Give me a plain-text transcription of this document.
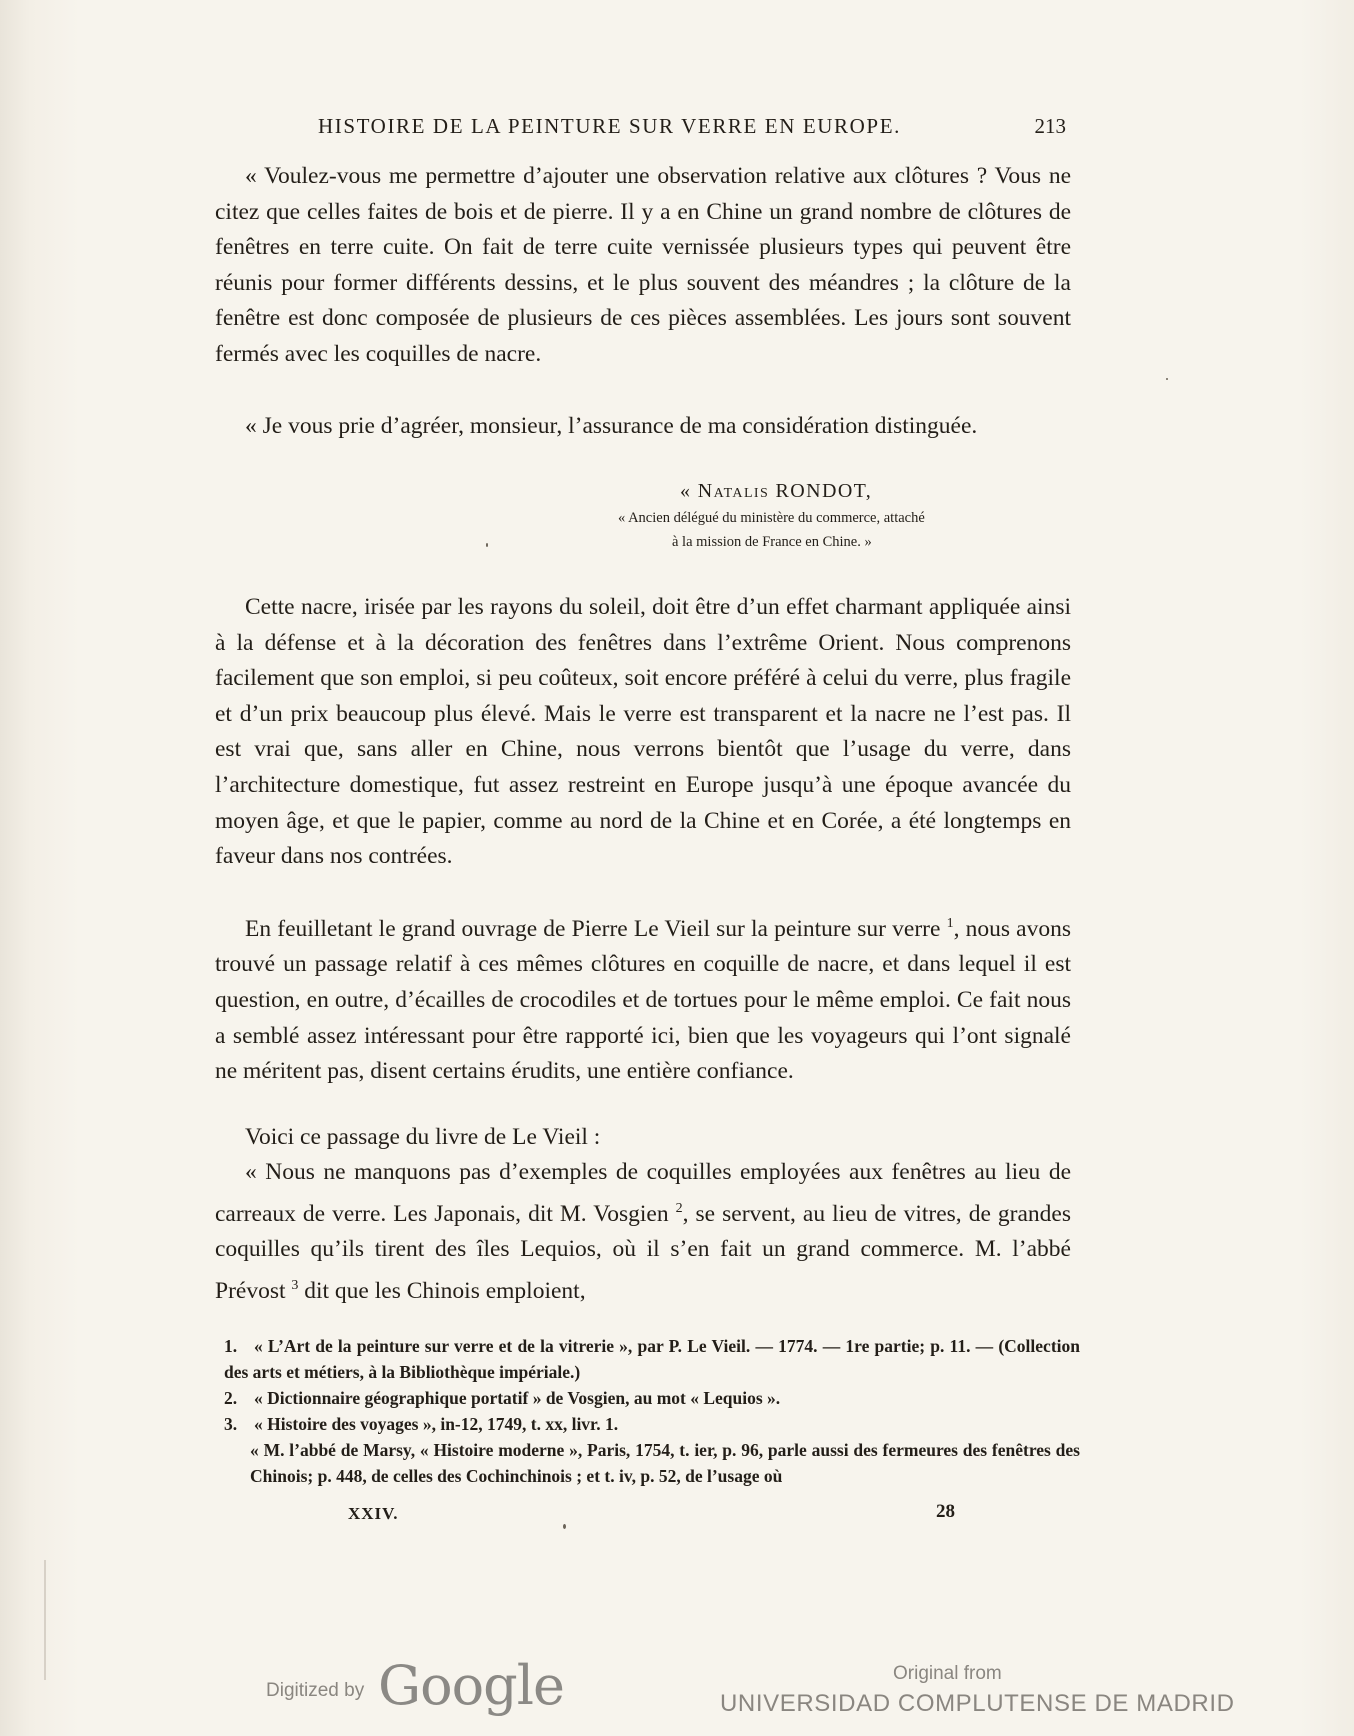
HISTOIRE DE LA PEINTURE SUR VERRE EN EUROPE.	213

« Voulez-vous me permettre d’ajouter une observation relative aux clôtures ? Vous ne citez que celles faites de bois et de pierre. Il y a en Chine un grand nombre de clôtures de fenêtres en terre cuite. On fait de terre cuite vernissée plusieurs types qui peuvent être réunis pour former différents dessins, et le plus souvent des méandres ; la clôture de la fenêtre est donc composée de plusieurs de ces pièces assemblées. Les jours sont souvent fermés avec les coquilles de nacre.

« Je vous prie d’agréer, monsieur, l’assurance de ma considération distinguée.

« Natalis RONDOT,
« Ancien délégué du ministère du commerce, attaché
à la mission de France en Chine. »

Cette nacre, irisée par les rayons du soleil, doit être d’un effet charmant appliquée ainsi à la défense et à la décoration des fenêtres dans l’extrême Orient. Nous comprenons facilement que son emploi, si peu coûteux, soit encore préféré à celui du verre, plus fragile et d’un prix beaucoup plus élevé. Mais le verre est transparent et la nacre ne l’est pas. Il est vrai que, sans aller en Chine, nous verrons bientôt que l’usage du verre, dans l’architecture domestique, fut assez restreint en Europe jusqu’à une époque avancée du moyen âge, et que le papier, comme au nord de la Chine et en Corée, a été longtemps en faveur dans nos contrées.

En feuilletant le grand ouvrage de Pierre Le Vieil sur la peinture sur verre $^1$, nous avons trouvé un passage relatif à ces mêmes clôtures en coquille de nacre, et dans lequel il est question, en outre, d’écailles de crocodiles et de tortues pour le même emploi. Ce fait nous a semblé assez intéressant pour être rapporté ici, bien que les voyageurs qui l’ont signalé ne méritent pas, disent certains érudits, une entière confiance.

Voici ce passage du livre de Le Vieil :

« Nous ne manquons pas d’exemples de coquilles employées aux fenêtres au lieu de carreaux de verre. Les Japonais, dit M. Vosgien $^2$, se servent, au lieu de vitres, de grandes coquilles qu’ils tirent des îles Lequios, où il s’en fait un grand commerce. M. l’abbé Prévost $^3$ dit que les Chinois emploient,

1. « L’Art de la peinture sur verre et de la vitrerie », par P. Le Vieil. — 1774. — 1re partie; p. 11. — (Collection des arts et métiers, à la Bibliothèque impériale.)
2. « Dictionnaire géographique portatif » de Vosgien, au mot « Lequios ».
3. « Histoire des voyages », in-12, 1749, t. xx, livr. 1.
« M. l’abbé de Marsy, « Histoire moderne », Paris, 1754, t. ier, p. 96, parle aussi des fermeures des fenêtres des Chinois; p. 448, de celles des Cochinchinois ; et t. iv, p. 52, de l’usage où
XXIV.	28
Digitized by Google	Original from
UNIVERSIDAD COMPLUTENSE DE MADRID
